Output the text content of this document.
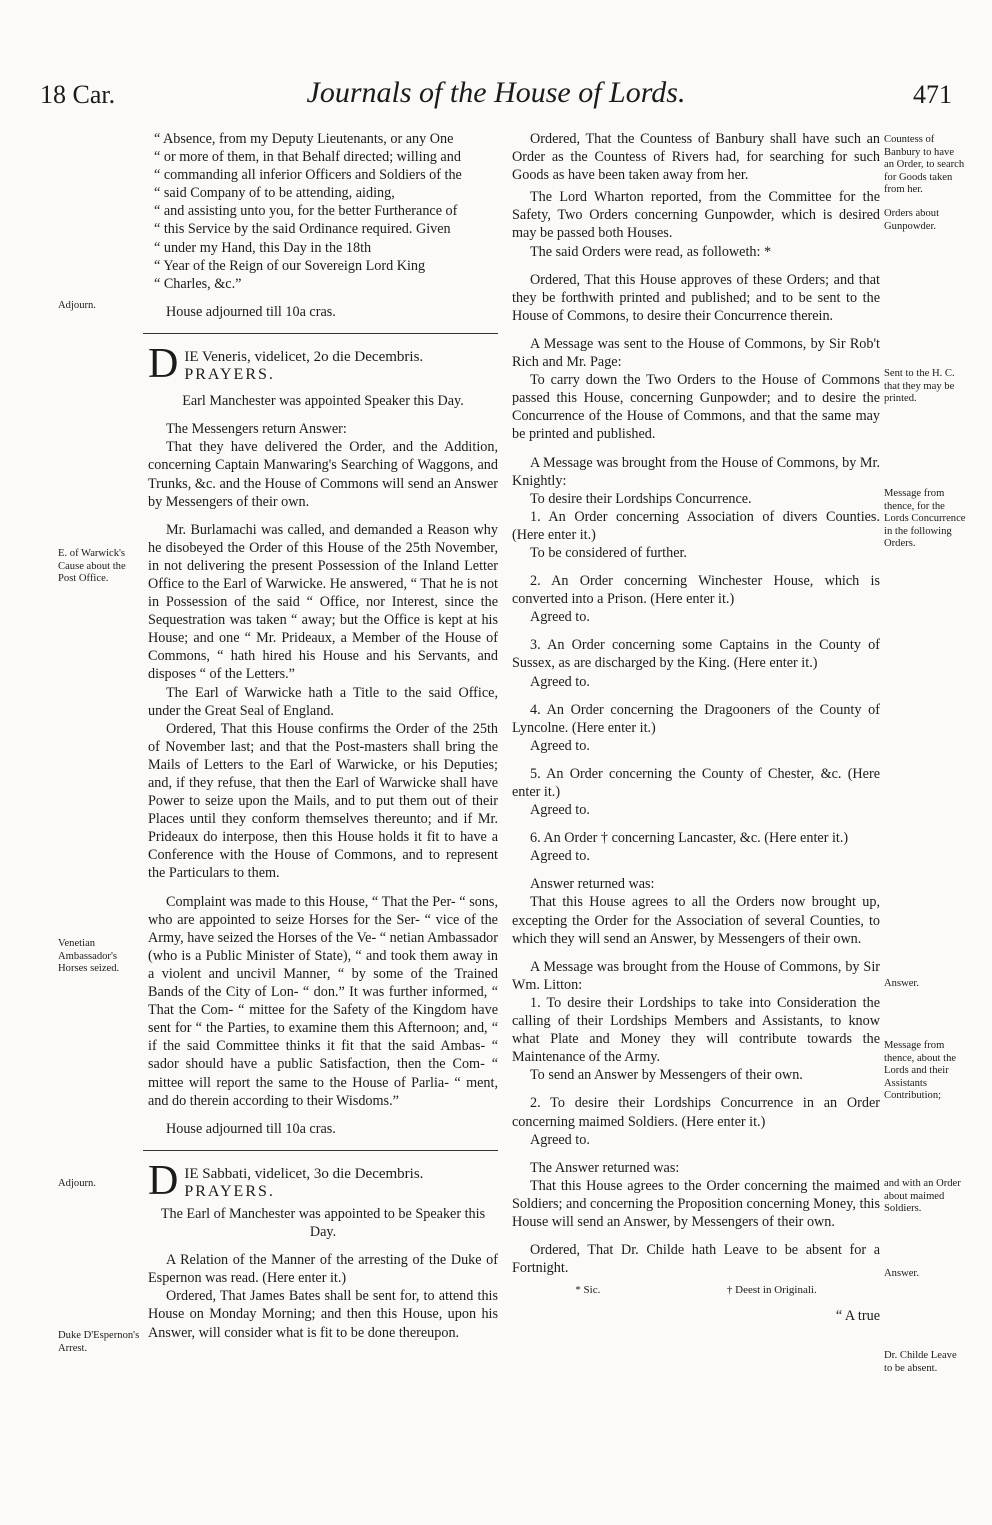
18 Car.	Journals of the House of Lords.	471
“ Absence, from my Deputy Lieutenants, or any One
“ or more of them, in that Behalf directed; willing and
“ commanding all inferior Officers and Soldiers of the
“ said Company of to be attending, aiding,
“ and assisting unto you, for the better Furtherance of
“ this Service by the said Ordinance required. Given
“ under my Hand, this Day in the 18th
“ Year of the Reign of our Sovereign Lord King
“ Charles, &c.”

House adjourned till 10a cras.

D IE Veneris, videlicet, 2o die Decembris.
PRAYERS.

Earl Manchester was appointed Speaker this Day.

The Messengers return Answer:

That they have delivered the Order, and the Addition, concerning Captain Manwaring's Searching of Waggons, and Trunks, &c. and the House of Commons will send an Answer by Messengers of their own.

Mr. Burlamachi was called, and demanded a Reason why he disobeyed the Order of this House of the 25th November, in not delivering the present Possession of the Inland Letter Office to the Earl of Warwicke. He answered, “ That he is not in Possession of the said “ Office, nor Interest, since the Sequestration was taken “ away; but the Office is kept at his House; and one “ Mr. Prideaux, a Member of the House of Commons, “ hath hired his House and his Servants, and disposes “ of the Letters.”

The Earl of Warwicke hath a Title to the said Office, under the Great Seal of England.

Ordered, That this House confirms the Order of the 25th of November last; and that the Post-masters shall bring the Mails of Letters to the Earl of Warwicke, or his Deputies; and, if they refuse, that then the Earl of Warwicke shall have Power to seize upon the Mails, and to put them out of their Places until they conform themselves thereunto; and if Mr. Prideaux do interpose, then this House holds it fit to have a Conference with the House of Commons, and to represent the Particulars to them.

Complaint was made to this House, “ That the Per- “ sons, who are appointed to seize Horses for the Ser- “ vice of the Army, have seized the Horses of the Ve- “ netian Ambassador (who is a Public Minister of State), “ and took them away in a violent and uncivil Manner, “ by some of the Trained Bands of the City of Lon- “ don.” It was further informed, “ That the Com- “ mittee for the Safety of the Kingdom have sent for “ the Parties, to examine them this Afternoon; and, “ if the said Committee thinks it fit that the said Ambas- “ sador should have a public Satisfaction, then the Com- “ mittee will report the same to the House of Parlia- “ ment, and do therein according to their Wisdoms.”

House adjourned till 10a cras.

D IE Sabbati, videlicet, 3o die Decembris.
PRAYERS.

The Earl of Manchester was appointed to be Speaker this Day.

A Relation of the Manner of the arresting of the Duke of Espernon was read. (Here enter it.)

Ordered, That James Bates shall be sent for, to attend this House on Monday Morning; and then this House, upon his Answer, will consider what is fit to be done thereupon.

Ordered, That the Countess of Banbury shall have such an Order as the Countess of Rivers had, for searching for such Goods as have been taken away from her.

The Lord Wharton reported, from the Committee for the Safety, Two Orders concerning Gunpowder, which is desired may be passed both Houses.

The said Orders were read, as followeth: *

Ordered, That this House approves of these Orders; and that they be forthwith printed and published; and to be sent to the House of Commons, to desire their Concurrence therein.

A Message was sent to the House of Commons, by Sir Rob't Rich and Mr. Page:

To carry down the Two Orders to the House of Commons passed this House, concerning Gunpowder; and to desire the Concurrence of the House of Commons, and that the same may be printed and published.

A Message was brought from the House of Commons, by Mr. Knightly:

To desire their Lordships Concurrence.

1. An Order concerning Association of divers Counties. (Here enter it.)

To be considered of further.

2. An Order concerning Winchester House, which is converted into a Prison. (Here enter it.)

Agreed to.

3. An Order concerning some Captains in the County of Sussex, as are discharged by the King. (Here enter it.)

Agreed to.

4. An Order concerning the Dragooners of the County of Lyncolne. (Here enter it.)

Agreed to.

5. An Order concerning the County of Chester, &c. (Here enter it.)

Agreed to.

6. An Order † concerning Lancaster, &c. (Here enter it.)

Agreed to.

Answer returned was:

That this House agrees to all the Orders now brought up, excepting the Order for the Association of several Counties, to which they will send an Answer, by Messengers of their own.

A Message was brought from the House of Commons, by Sir Wm. Litton:

1. To desire their Lordships to take into Consideration the calling of their Lordships Members and Assistants, to know what Plate and Money they will contribute towards the Maintenance of the Army.

To send an Answer by Messengers of their own.

2. To desire their Lordships Concurrence in an Order concerning maimed Soldiers. (Here enter it.)

Agreed to.

The Answer returned was:

That this House agrees to the Order concerning the maimed Soldiers; and concerning the Proposition concerning Money, this House will send an Answer, by Messengers of their own.

Ordered, That Dr. Childe hath Leave to be absent for a Fortnight.

* Sic.	† Deest in Originali.
“ A true
Adjourn.
E. of Warwick's Cause about the Post Office.
Venetian Ambassador's Horses seized.
Adjourn.
Duke D'Espernon's Arrest.
Countess of Banbury to have an Order, to search for Goods taken from her.
Orders about Gunpowder.
Sent to the H. C. that they may be printed.
Message from thence, for the Lords Concurrence in the following Orders.
Answer.
Message from thence, about the Lords and their Assistants Contribution;
and with an Order about maimed Soldiers.
Answer.
Dr. Childe Leave to be absent.
